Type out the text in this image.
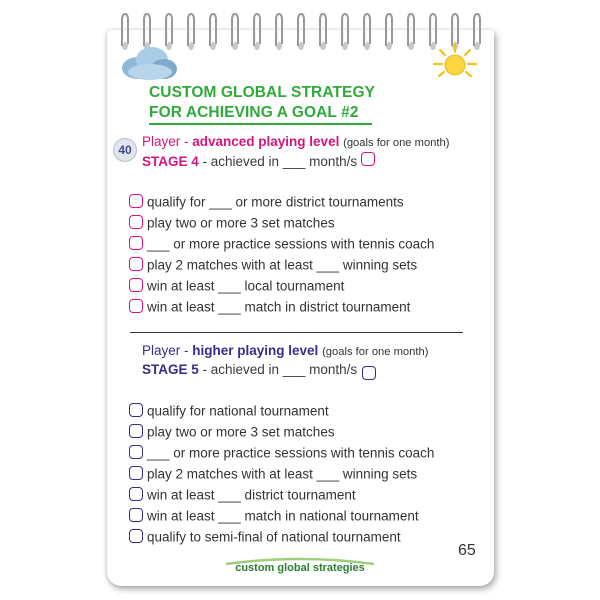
CUSTOM GLOBAL STRATEGY
FOR ACHIEVING A GOAL #2
40
Player - advanced playing level (goals for one month)
STAGE 4 - achieved in ___ month/s
qualify for ___ or more district tournaments
play two or more 3 set matches
___ or more practice sessions with tennis coach
play 2 matches with at least ___ winning sets
win at least ___ local tournament
win at least ___ match in district tournament
Player - higher playing level (goals for one month)
STAGE 5 - achieved in ___ month/s
qualify for national tournament
play two or more 3 set matches
___ or more practice sessions with tennis coach
play 2 matches with at least ___ winning sets
win at least ___ district tournament
win at least ___ match in national tournament
qualify to semi-final of national tournament
65
custom global strategies
